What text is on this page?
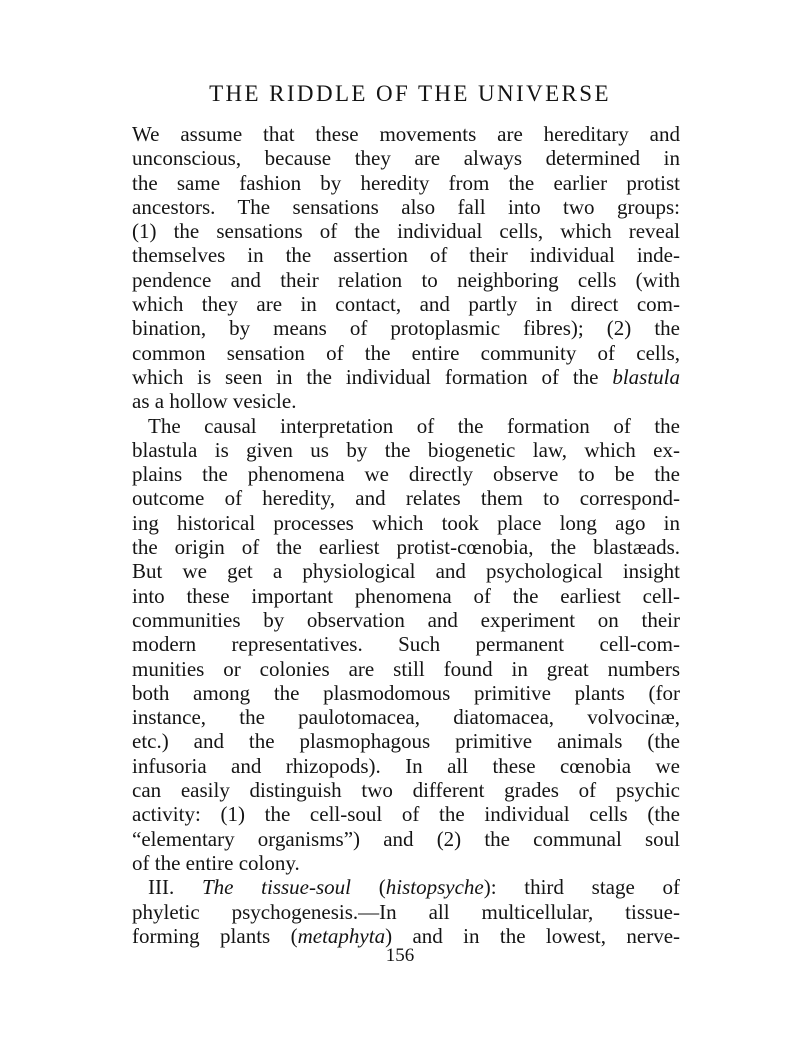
THE RIDDLE OF THE UNIVERSE

We assume that these movements are hereditary and
unconscious, because they are always determined in
the same fashion by heredity from the earlier protist
ancestors. The sensations also fall into two groups:
(1) the sensations of the individual cells, which reveal
themselves in the assertion of their individual inde-
pendence and their relation to neighboring cells (with
which they are in contact, and partly in direct com-
bination, by means of protoplasmic fibres); (2) the
common sensation of the entire community of cells,
which is seen in the individual formation of the blastula
as a hollow vesicle.

The causal interpretation of the formation of the
blastula is given us by the biogenetic law, which ex-
plains the phenomena we directly observe to be the
outcome of heredity, and relates them to correspond-
ing historical processes which took place long ago in
the origin of the earliest protist-cœnobia, the blastæads.
But we get a physiological and psychological insight
into these important phenomena of the earliest cell-
communities by observation and experiment on their
modern representatives. Such permanent cell-com-
munities or colonies are still found in great numbers
both among the plasmodomous primitive plants (for
instance, the paulotomacea, diatomacea, volvocinæ,
etc.) and the plasmophagous primitive animals (the
infusoria and rhizopods). In all these cœnobia we
can easily distinguish two different grades of psychic
activity: (1) the cell-soul of the individual cells (the
“elementary organisms”) and (2) the communal soul
of the entire colony.

III. The tissue-soul (histopsyche): third stage of
phyletic psychogenesis.—In all multicellular, tissue-
forming plants (metaphyta) and in the lowest, nerve-

156
